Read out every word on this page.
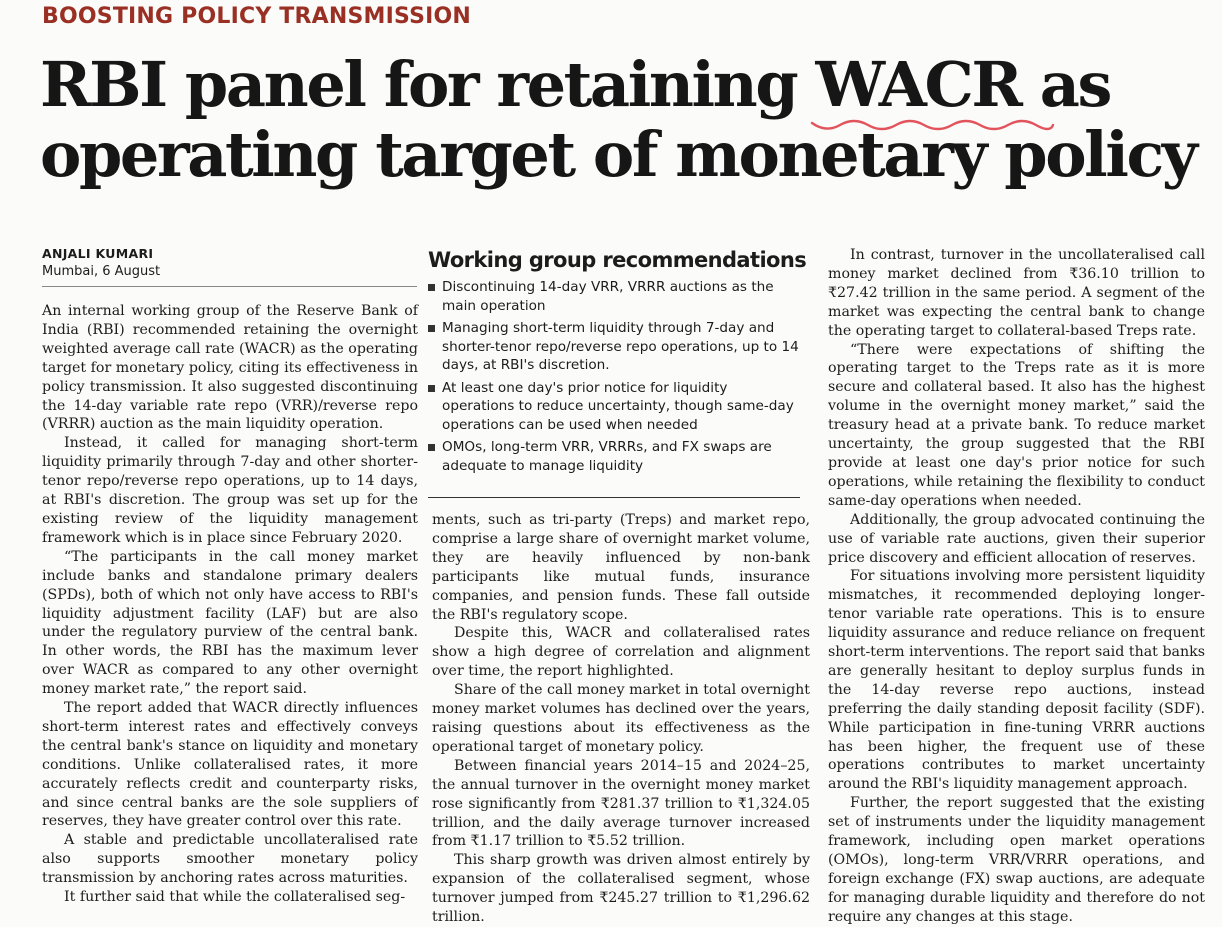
BOOSTING POLICY TRANSMISSION
RBI panel for retaining WACR
as
operating target of monetary policy
ANJALI KUMARI
Mumbai, 6 August	Working group recommendations
Discontinuing 14-day VRR, VRRR auctions as the main operation
Managing short-term liquidity through 7-day and shorter-tenor repo/reverse repo operations, up to 14 days, at RBI's discretion.
At least one day's prior notice for liquidity operations to reduce uncertainty, though same-day operations can be used when needed
OMOs, long-term VRR, VRRRs, and FX swaps are adequate to manage liquidity

An internal working group of the Reserve Bank of India (RBI) recommended retaining the overnight weighted average call rate (WACR) as the operating target for monetary policy, citing its effectiveness in policy transmission. It also suggested discontinuing the 14-day variable rate repo (VRR)/reverse repo (VRRR) auction as the main liquidity operation.

Instead, it called for managing short-term liquidity primarily through 7-day and other shorter-tenor repo/reverse repo operations, up to 14 days, at RBI's discretion. The group was set up for the existing review of the liquidity management framework which is in place since February 2020.

“The participants in the call money market include banks and standalone primary dealers (SPDs), both of which not only have access to RBI's liquidity adjustment facility (LAF) but are also under the regulatory purview of the central bank. In other words, the RBI has the maximum lever over WACR as compared to any other overnight money market rate,” the report said.

The report added that WACR directly influences short-term interest rates and effectively conveys the central bank's stance on liquidity and monetary conditions. Unlike collateralised rates, it more accurately reflects credit and counterparty risks, and since central banks are the sole suppliers of reserves, they have greater control over this rate.

A stable and predictable uncollateralised rate also supports smoother monetary policy transmission by anchoring rates across maturities.

It further said that while the collateralised seg-

ments, such as tri-party (Treps) and market repo, comprise a large share of overnight market volume, they are heavily influenced by non-bank participants like mutual funds, insurance companies, and pension funds. These fall outside the RBI's regulatory scope.

Despite this, WACR and collateralised rates show a high degree of correlation and alignment over time, the report highlighted.

Share of the call money market in total overnight money market volumes has declined over the years, raising questions about its effectiveness as the operational target of monetary policy.

Between financial years 2014–15 and 2024–25, the annual turnover in the overnight money market rose significantly from ₹281.37 trillion to ₹1,324.05 trillion, and the daily average turnover increased from ₹1.17 trillion to ₹5.52 trillion.

This sharp growth was driven almost entirely by expansion of the collateralised segment, whose turnover jumped from ₹245.27 trillion to ₹1,296.62 trillion.

In contrast, turnover in the uncollateralised call money market declined from ₹36.10 trillion to ₹27.42 trillion in the same period. A segment of the market was expecting the central bank to change the operating target to collateral-based Treps rate.

“There were expectations of shifting the operating target to the Treps rate as it is more secure and collateral based. It also has the highest volume in the overnight money market,” said the treasury head at a private bank. To reduce market uncertainty, the group suggested that the RBI provide at least one day's prior notice for such operations, while retaining the flexibility to conduct same-day operations when needed.

Additionally, the group advocated continuing the use of variable rate auctions, given their superior price discovery and efficient allocation of reserves.

For situations involving more persistent liquidity mismatches, it recommended deploying longer-tenor variable rate operations. This is to ensure liquidity assurance and reduce reliance on frequent short-term interventions. The report said that banks are generally hesitant to deploy surplus funds in the 14-day reverse repo auctions, instead preferring the daily standing deposit facility (SDF). While participation in fine-tuning VRRR auctions has been higher, the frequent use of these operations contributes to market uncertainty around the RBI's liquidity management approach.

Further, the report suggested that the existing set of instruments under the liquidity management framework, including open market operations (OMOs), long-term VRR/VRRR operations, and foreign exchange (FX) swap auctions, are adequate for managing durable liquidity and therefore do not require any changes at this stage.
